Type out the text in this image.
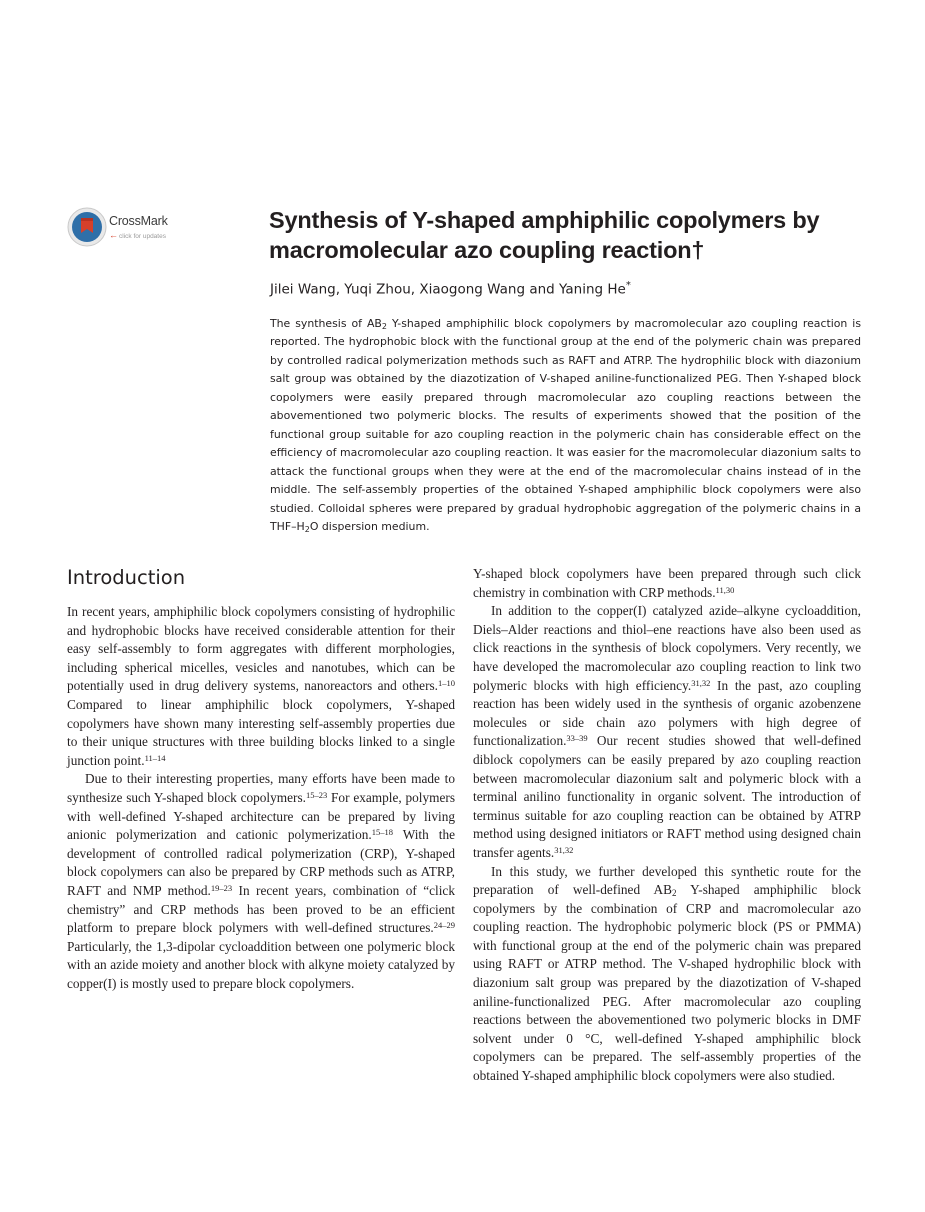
CrossMark
←click for updates
Synthesis of Y-shaped amphiphilic copolymers by macromolecular azo coupling reaction†
Jilei Wang, Yuqi Zhou, Xiaogong Wang and Yaning He*

The synthesis of $AB_2$ Y-shaped amphiphilic block copolymers by macromolecular azo coupling reaction is reported. The hydrophobic block with the functional group at the end of the polymeric chain was prepared by controlled radical polymerization methods such as RAFT and ATRP. The hydrophilic block with diazonium salt group was obtained by the diazotization of V-shaped aniline-functionalized PEG. Then Y-shaped block copolymers were easily prepared through macromolecular azo coupling reactions between the abovementioned two polymeric blocks. The results of experiments showed that the position of the functional group suitable for azo coupling reaction in the polymeric chain has considerable effect on the efficiency of macromolecular azo coupling reaction. It was easier for the macromolecular diazonium salts to attack the functional groups when they were at the end of the macromolecular chains instead of in the middle. The self-assembly properties of the obtained Y-shaped amphiphilic block copolymers were also studied. Colloidal spheres were prepared by gradual hydrophobic aggregation of the polymeric chains in a THF–$H_2O$ dispersion medium.

Introduction

In recent years, amphiphilic block copolymers consisting of hydrophilic and hydrophobic blocks have received considerable attention for their easy self-assembly to form aggregates with different morphologies, including spherical micelles, vesicles and nanotubes, which can be potentially used in drug delivery systems, nanoreactors and others.$^{1-10}$ Compared to linear amphiphilic block copolymers, Y-shaped copolymers have shown many interesting self-assembly properties due to their unique structures with three building blocks linked to a single junction point.$^{11-14}$

Due to their interesting properties, many efforts have been made to synthesize such Y-shaped block copolymers.$^{15-23}$ For example, polymers with well-defined Y-shaped architecture can be prepared by living anionic polymerization and cationic polymerization.$^{15-18}$ With the development of controlled radical polymerization (CRP), Y-shaped block copolymers can also be prepared by CRP methods such as ATRP, RAFT and NMP method.$^{19-23}$ In recent years, combination of “click chemistry” and CRP methods has been proved to be an efficient platform to prepare block polymers with well-defined structures.$^{24-29}$ Particularly, the 1,3-dipolar cycloaddition between one polymeric block with an azide moiety and another block with alkyne moiety catalyzed by copper(I) is mostly used to prepare block copolymers.

Y-shaped block copolymers have been prepared through such click chemistry in combination with CRP methods.$^{11,30}$

In addition to the copper(I) catalyzed azide–alkyne cycloaddition, Diels–Alder reactions and thiol–ene reactions have also been used as click reactions in the synthesis of block copolymers. Very recently, we have developed the macromolecular azo coupling reaction to link two polymeric blocks with high efficiency.$^{31,32}$ In the past, azo coupling reaction has been widely used in the synthesis of organic azobenzene molecules or side chain azo polymers with high degree of functionalization.$^{33-39}$ Our recent studies showed that well-defined diblock copolymers can be easily prepared by azo coupling reaction between macromolecular diazonium salt and polymeric block with a terminal anilino functionality in organic solvent. The introduction of terminus suitable for azo coupling reaction can be obtained by ATRP method using designed initiators or RAFT method using designed chain transfer agents.$^{31,32}$

In this study, we further developed this synthetic route for the preparation of well-defined $AB_2$ Y-shaped amphiphilic block copolymers by the combination of CRP and macromolecular azo coupling reaction. The hydrophobic polymeric block (PS or PMMA) with functional group at the end of the polymeric chain was prepared using RAFT or ATRP method. The V-shaped hydrophilic block with diazonium salt group was prepared by the diazotization of V-shaped aniline-functionalized PEG. After macromolecular azo coupling reactions between the abovementioned two polymeric blocks in DMF solvent under 0 °C, well-defined Y-shaped amphiphilic block copolymers can be prepared. The self-assembly properties of the obtained Y-shaped amphiphilic block copolymers were also studied.
